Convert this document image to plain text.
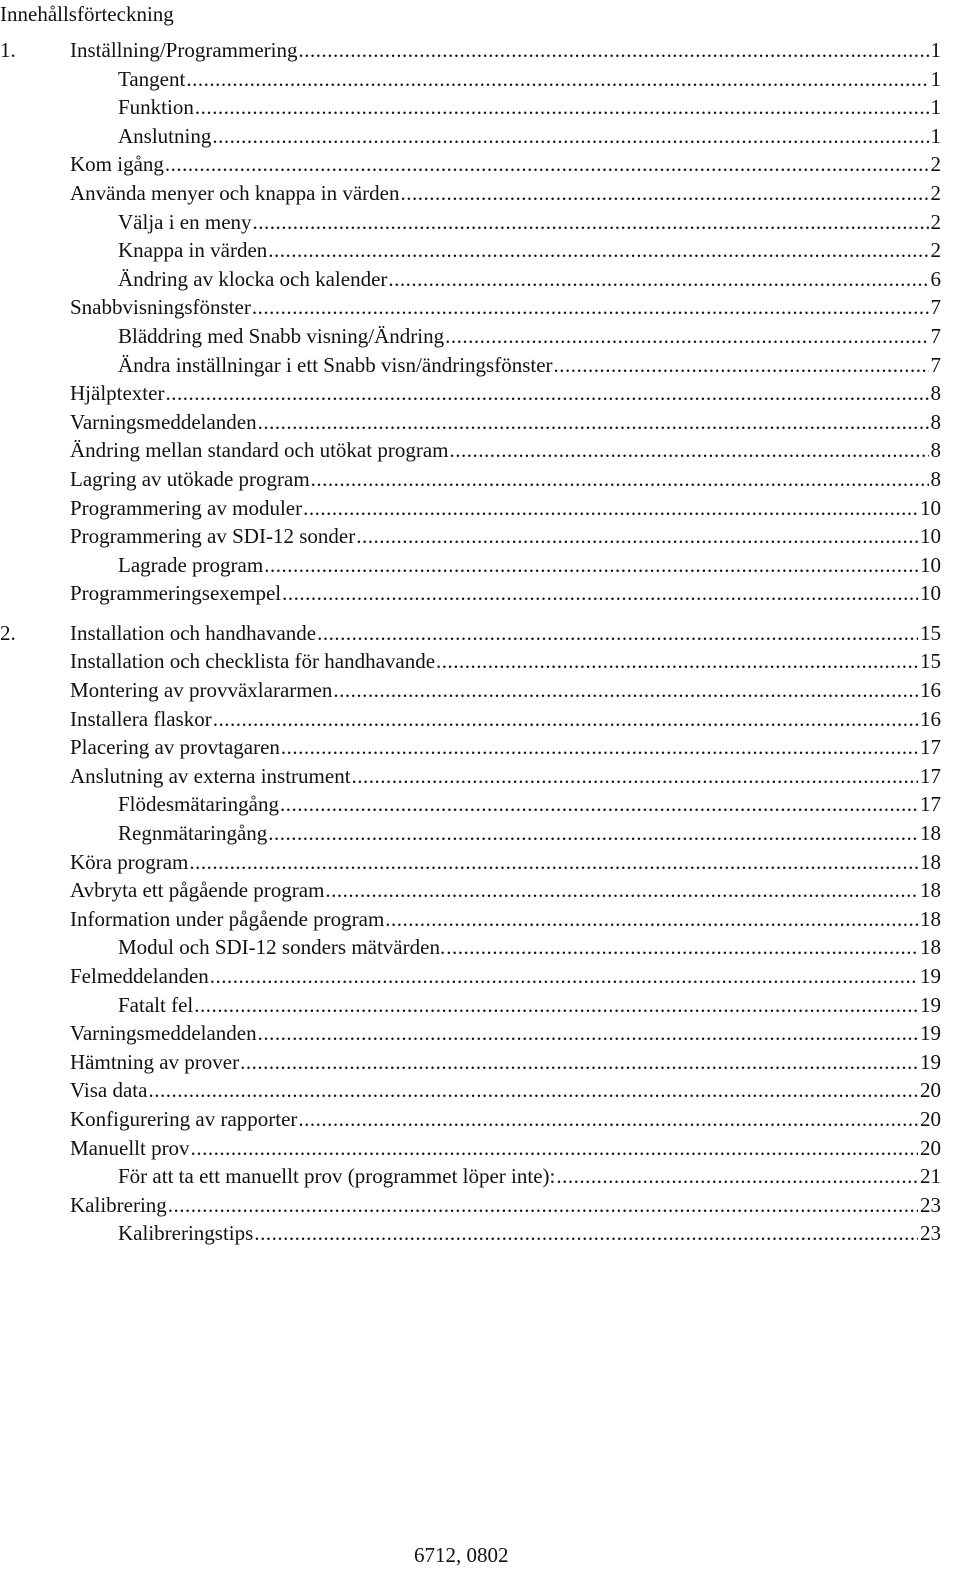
Innehållsförteckning
1.	Inställning/Programmering .....	1
Tangent .....	1
Funktion .....	1
Anslutning .....	1
Kom igång .....	2
Använda menyer och knappa in värden .....	2
Välja i en meny .....	2
Knappa in värden .....	2
Ändring av klocka och kalender .....	6
Snabbvisningsfönster .....	7
Bläddring med Snabb visning/Ändring .....	7
Ändra inställningar i ett Snabb visn/ändringsfönster .....	7
Hjälptexter .....	8
Varningsmeddelanden .....	8
Ändring mellan standard och utökat program .....	8
Lagring av utökade program .....	8
Programmering av moduler .....	10
Programmering av SDI-12 sonder .....	10
Lagrade program .....	10
Programmeringsexempel .....	10
2.	Installation och handhavande .....	15
Installation och checklista för handhavande .....	15
Montering av provväxlararmen .....	16
Installera flaskor .....	16
Placering av provtagaren .....	17
Anslutning av externa instrument .....	17
Flödesmätaringång .....	17
Regnmätaringång .....	18
Köra program .....	18
Avbryta ett pågående program .....	18
Information under pågående program .....	18
Modul och SDI-12 sonders mätvärden. .....	18
Felmeddelanden .....	19
Fatalt fel .....	19
Varningsmeddelanden .....	19
Hämtning av prover .....	19
Visa data .....	20
Konfigurering av rapporter .....	20
Manuellt prov .....	20
För att ta ett manuellt prov (programmet löper inte): .....	21
Kalibrering .....	23
Kalibreringstips .....	23
6712, 0802
